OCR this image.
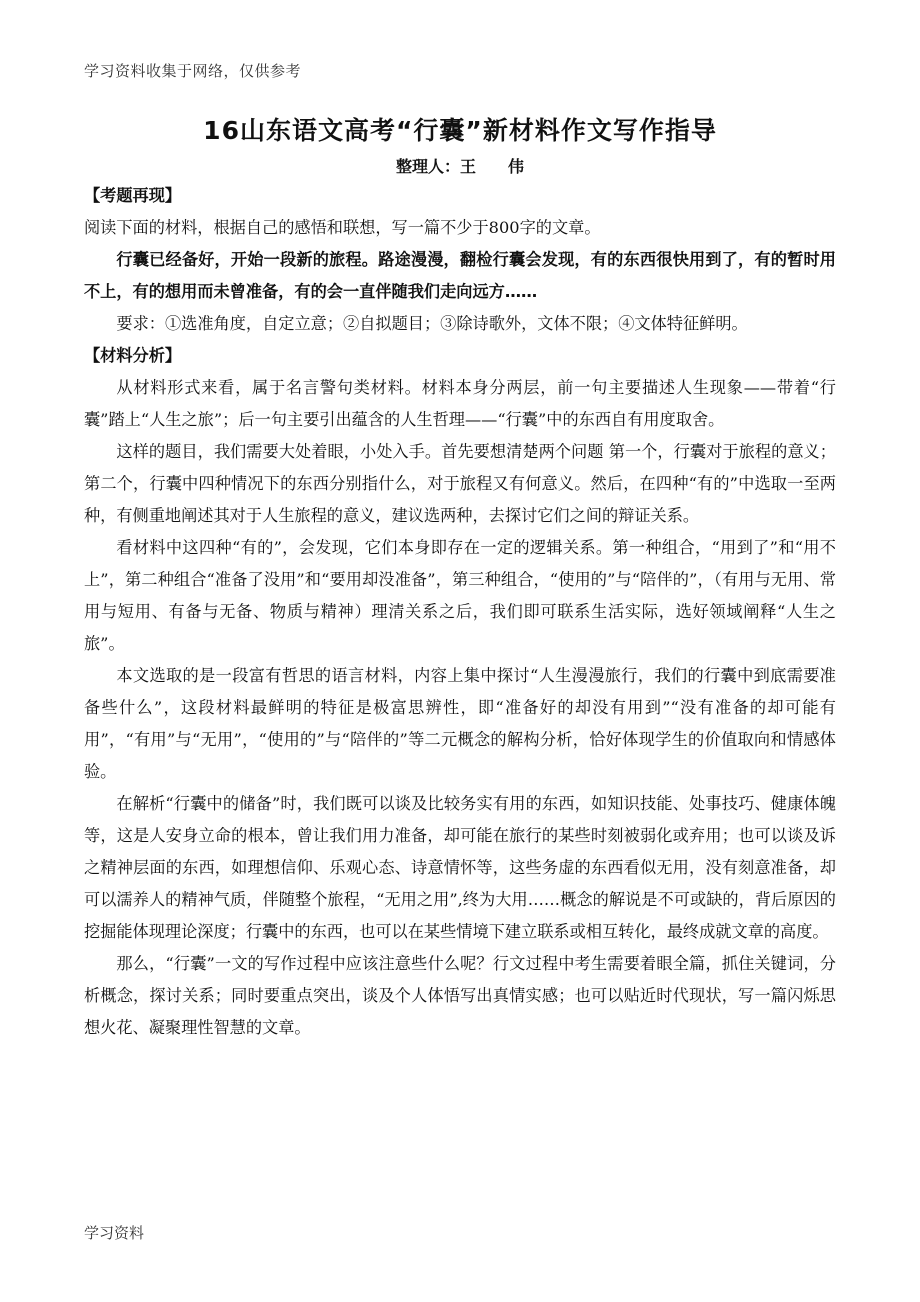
学习资料收集于网络，仅供参考
16山东语文高考“行囊”新材料作文写作指导
整理人：王　　伟

【考题再现】

阅读下面的材料，根据自己的感悟和联想，写一篇不少于800字的文章。

行囊已经备好，开始一段新的旅程。路途漫漫，翻检行囊会发现，有的东西很快用到了，有的暂时用不上，有的想用而未曾准备，有的会一直伴随我们走向远方……

要求：①选准角度，自定立意；②自拟题目；③除诗歌外，文体不限；④文体特征鲜明。

【材料分析】

从材料形式来看，属于名言警句类材料。材料本身分两层，前一句主要描述人生现象——带着“行囊”踏上“人生之旅”；后一句主要引出蕴含的人生哲理——“行囊”中的东西自有用度取舍。

这样的题目，我们需要大处着眼，小处入手。首先要想清楚两个问题 第一个，行囊对于旅程的意义；第二个，行囊中四种情况下的东西分别指什么，对于旅程又有何意义。然后，在四种“有的”中选取一至两种，有侧重地阐述其对于人生旅程的意义，建议选两种，去探讨它们之间的辩证关系。

看材料中这四种“有的”，会发现，它们本身即存在一定的逻辑关系。第一种组合，“用到了”和“用不上”，第二种组合“准备了没用”和“要用却没准备”，第三种组合，“使用的”与“陪伴的”，（有用与无用、常用与短用、有备与无备、物质与精神）理清关系之后，我们即可联系生活实际，选好领域阐释“人生之旅”。

本文选取的是一段富有哲思的语言材料，内容上集中探讨“人生漫漫旅行，我们的行囊中到底需要准备些什么”，这段材料最鲜明的特征是极富思辨性，即“准备好的却没有用到”“没有准备的却可能有用”，“有用”与“无用”，“使用的”与“陪伴的”等二元概念的解构分析，恰好体现学生的价值取向和情感体验。

在解析“行囊中的储备”时，我们既可以谈及比较务实有用的东西，如知识技能、处事技巧、健康体魄等，这是人安身立命的根本，曾让我们用力准备，却可能在旅行的某些时刻被弱化或弃用；也可以谈及诉之精神层面的东西，如理想信仰、乐观心态、诗意情怀等，这些务虚的东西看似无用，没有刻意准备，却可以濡养人的精神气质，伴随整个旅程，“无用之用”,终为大用……概念的解说是不可或缺的，背后原因的挖掘能体现理论深度；行囊中的东西，也可以在某些情境下建立联系或相互转化，最终成就文章的高度。

那么，“行囊”一文的写作过程中应该注意些什么呢？行文过程中考生需要着眼全篇，抓住关键词，分析概念，探讨关系；同时要重点突出，谈及个人体悟写出真情实感；也可以贴近时代现状，写一篇闪烁思想火花、凝聚理性智慧的文章。

学习资料
